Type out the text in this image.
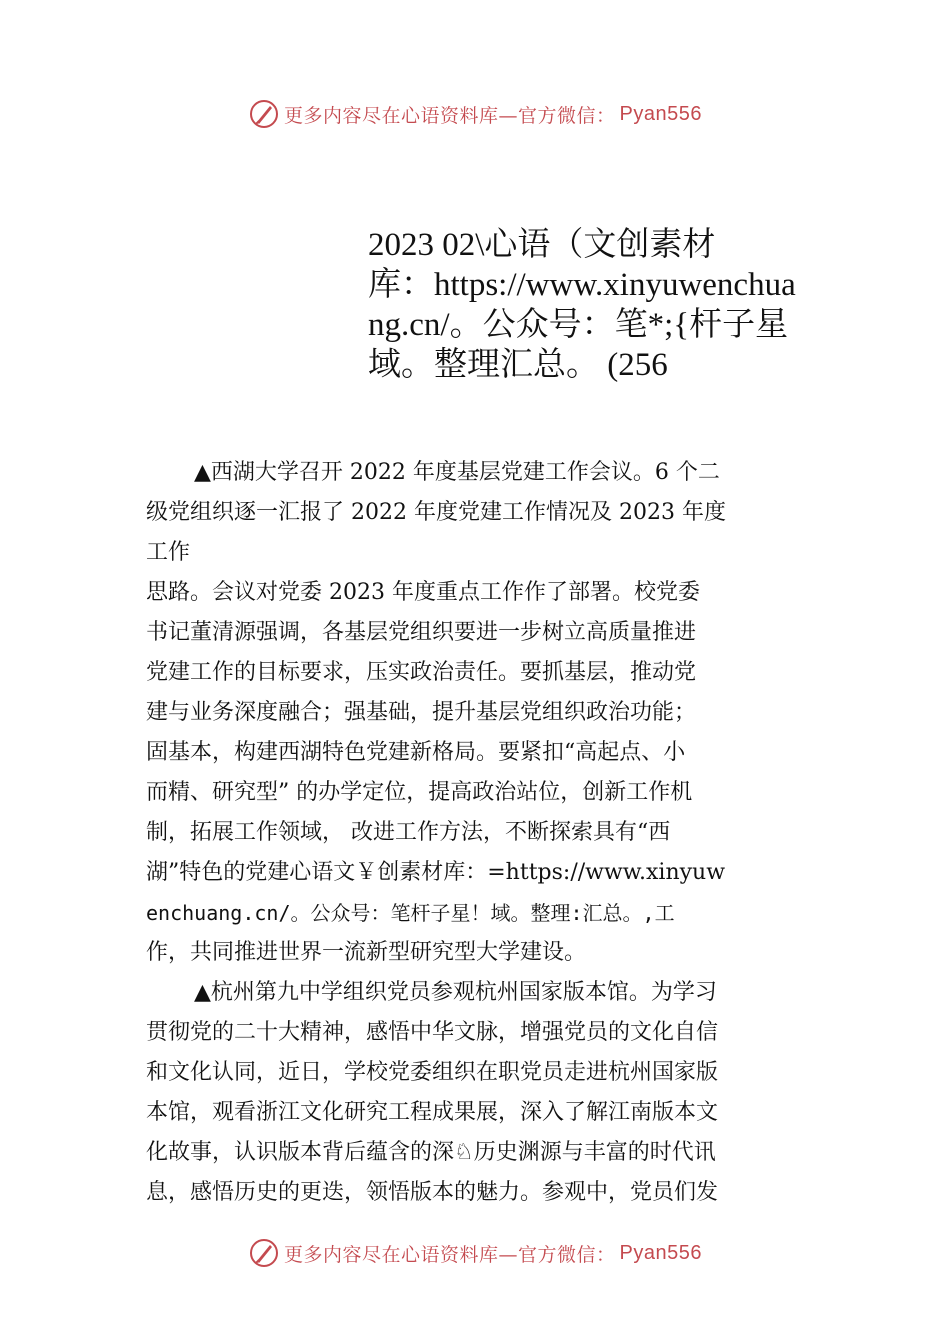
更多内容尽在心语资料库—官方微信： Pyan556
2023 02\心语（文创素材
库：https://www.xinyuwenchua
ng.cn/。公众号：笔*;{杆子星
域。整理汇总。 (256
▲西湖大学召开 2022 年度基层党建工作会议。6 个二
级党组织逐一汇报了 2022 年度党建工作情况及 2023 年度
工作
思路。会议对党委 2023 年度重点工作作了部署。校党委
书记董清源强调，各基层党组织要进一步树立高质量推进
党建工作的目标要求，压实政治责任。要抓基层，推动党
建与业务深度融合；强基础，提升基层党组织政治功能；
固基本，构建西湖特色党建新格局。要紧扣“高起点、小
而精、研究型” 的办学定位，提高政治站位，创新工作机
制，拓展工作领域， 改进工作方法，不断探索具有“西
湖”特色的党建心语文￥创素材库：=https://www.xinyuw
enchuang.cn/。公众号：笔杆子星！域。整理:汇总。,工
作，共同推进世界一流新型研究型大学建设。
▲杭州第九中学组织党员参观杭州国家版本馆。为学习
贯彻党的二十大精神，感悟中华文脉，增强党员的文化自信
和文化认同，近日，学校党委组织在职党员走进杭州国家版
本馆，观看浙江文化研究工程成果展，深入了解江南版本文
化故事，认识版本背后蕴含的深♘历史渊源与丰富的时代讯
息，感悟历史的更迭，领悟版本的魅力。参观中，党员们发
更多内容尽在心语资料库—官方微信： Pyan556
